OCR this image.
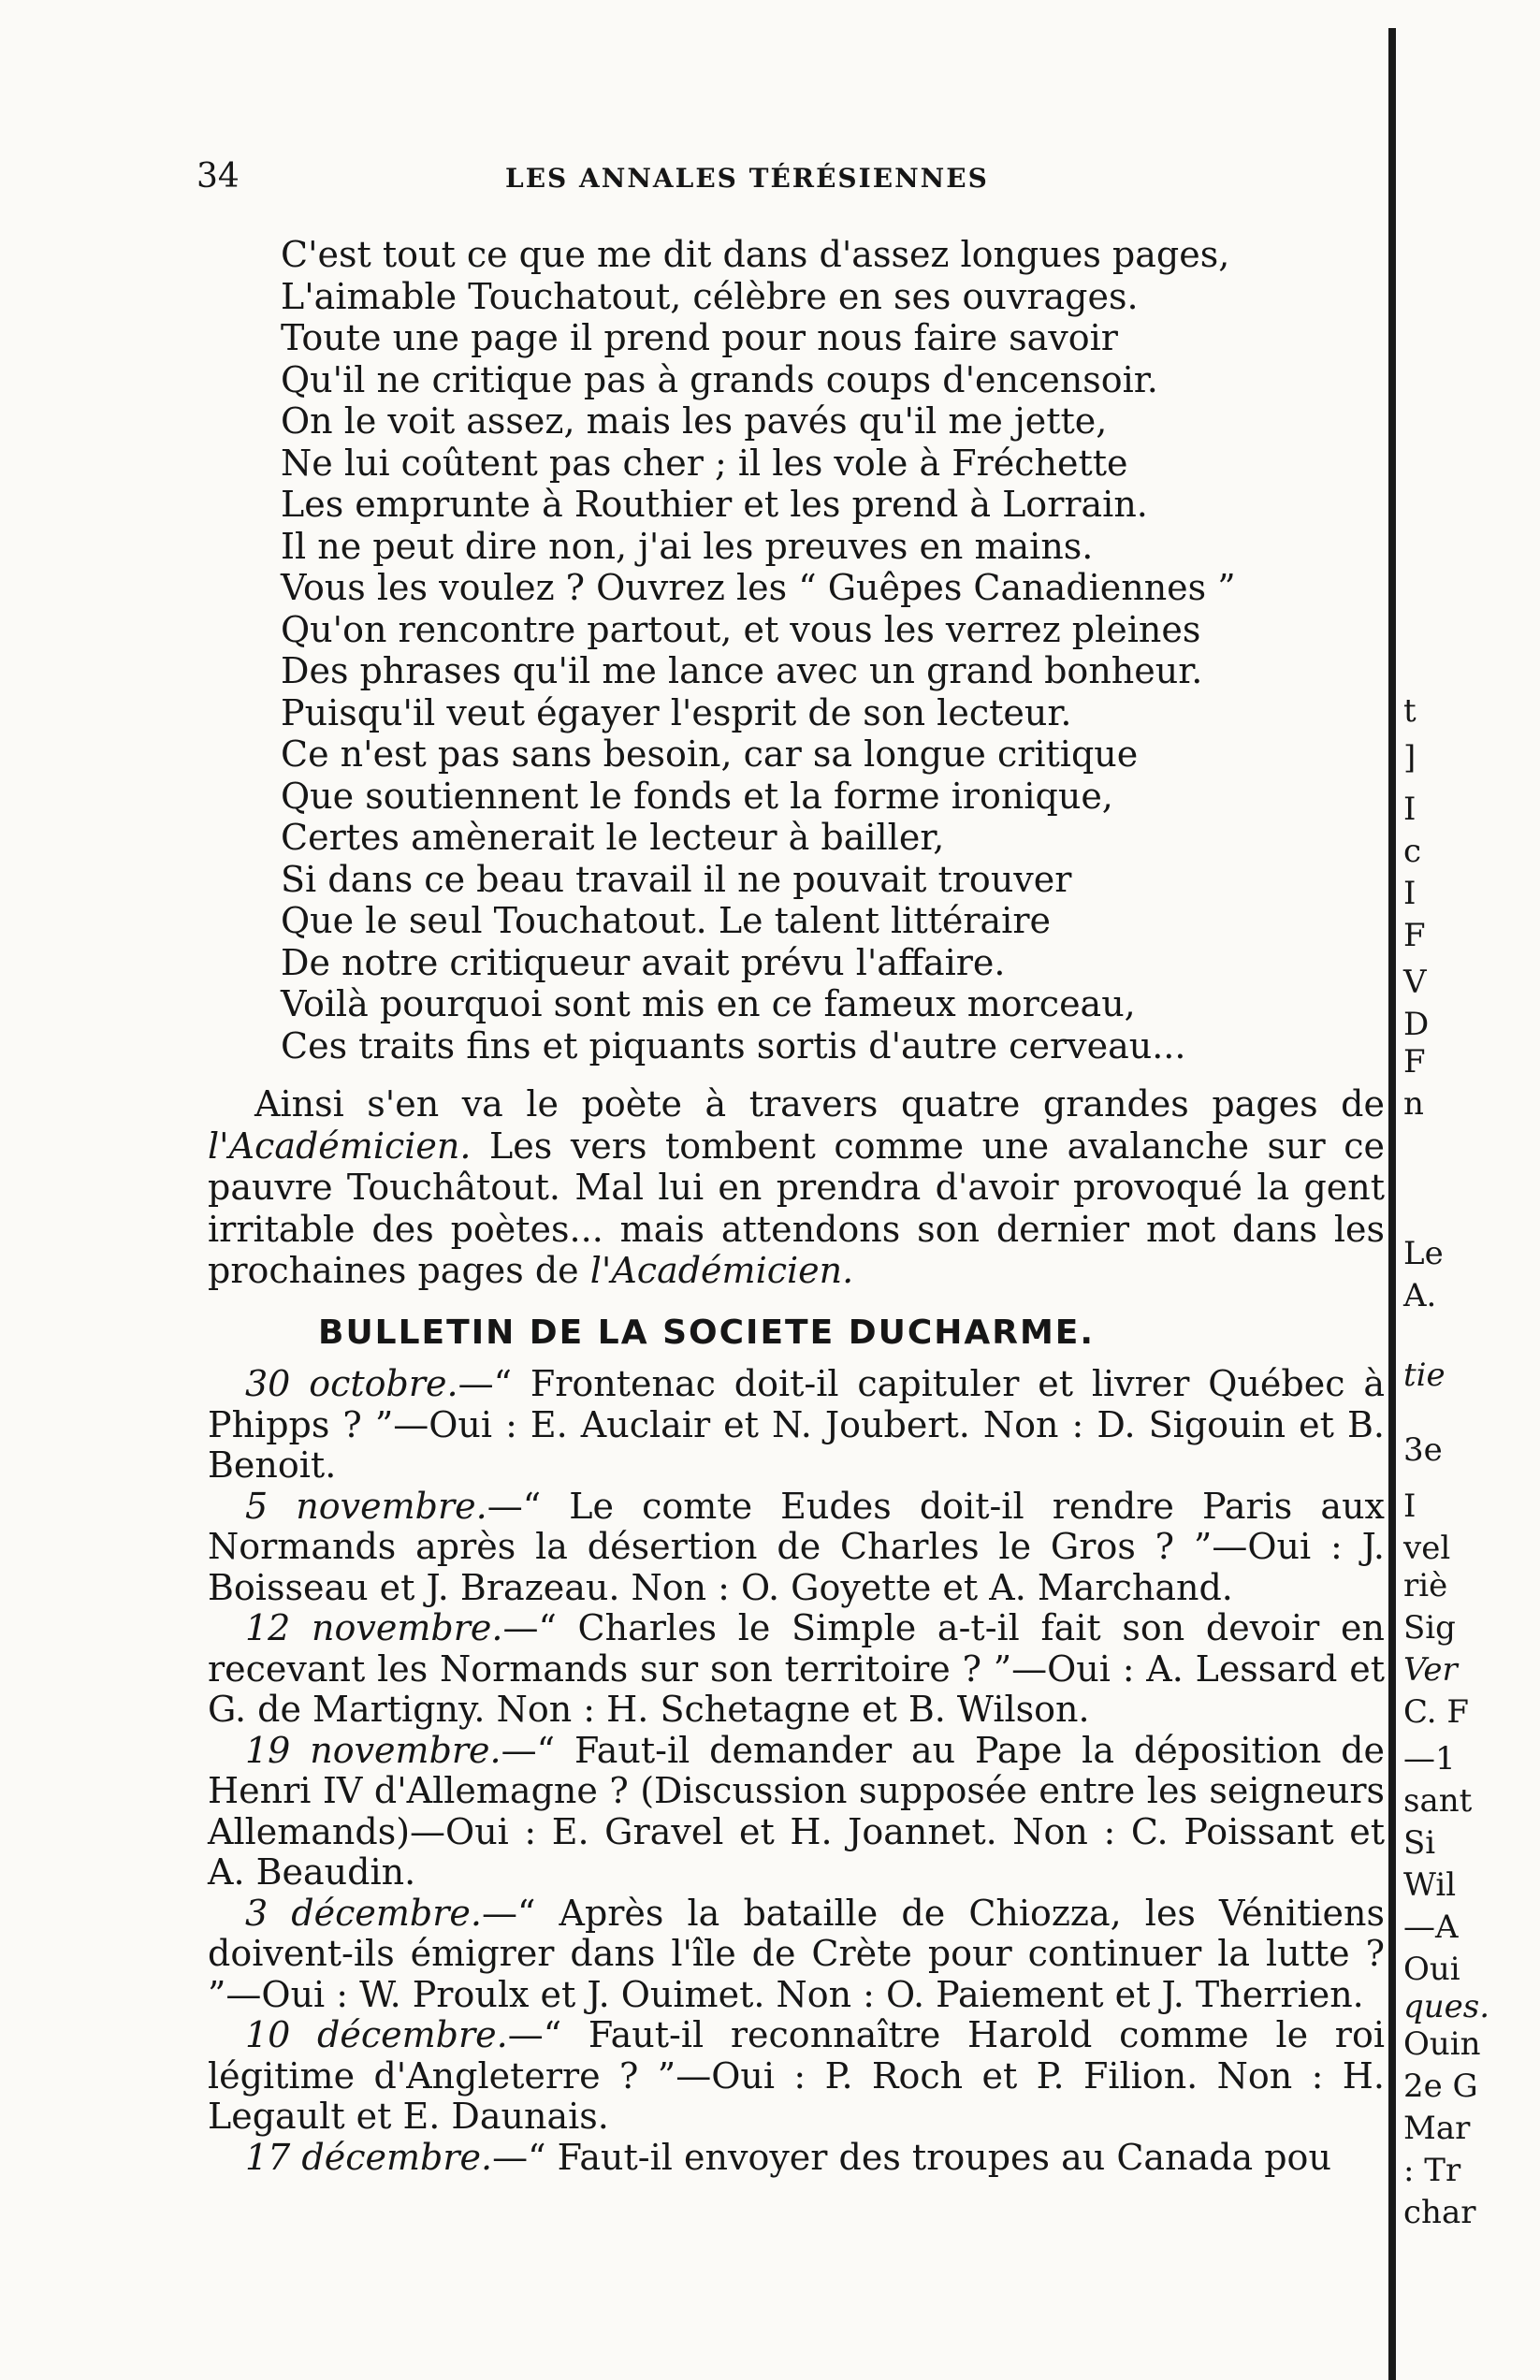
34	LES ANNALES TÉRÉSIENNES
C'est tout ce que me dit dans d'assez longues pages,
L'aimable Touchatout, célèbre en ses ouvrages.
Toute une page il prend pour nous faire savoir
Qu'il ne critique pas à grands coups d'encensoir.
On le voit assez, mais les pavés qu'il me jette,
Ne lui coûtent pas cher ; il les vole à Fréchette
Les emprunte à Routhier et les prend à Lorrain.
Il ne peut dire non, j'ai les preuves en mains.
Vous les voulez ? Ouvrez les “ Guêpes Canadiennes ”
Qu'on rencontre partout, et vous les verrez pleines
Des phrases qu'il me lance avec un grand bonheur.
Puisqu'il veut égayer l'esprit de son lecteur.
Ce n'est pas sans besoin, car sa longue critique
Que soutiennent le fonds et la forme ironique,
Certes amènerait le lecteur à bailler,
Si dans ce beau travail il ne pouvait trouver
Que le seul Touchatout. Le talent littéraire
De notre critiqueur avait prévu l'affaire.
Voilà pourquoi sont mis en ce fameux morceau,
Ces traits fins et piquants sortis d'autre cerveau...

Ainsi s'en va le poète à travers quatre grandes pages de l'Académicien. Les vers tombent comme une avalanche sur ce pauvre Touchâtout. Mal lui en prendra d'avoir provoqué la gent irritable des poètes... mais attendons son dernier mot dans les prochaines pages de l'Académicien.

BULLETIN DE LA SOCIETE DUCHARME.

30 octobre.—“ Frontenac doit-il capituler et livrer Québec à Phipps ? ”—Oui : E. Auclair et N. Joubert. Non : D. Sigouin et B. Benoit.

5 novembre.—“ Le comte Eudes doit-il rendre Paris aux Normands après la désertion de Charles le Gros ? ”—Oui : J. Boisseau et J. Brazeau. Non : O. Goyette et A. Marchand.

12 novembre.—“ Charles le Simple a-t-il fait son devoir en recevant les Normands sur son territoire ? ”—Oui : A. Lessard et G. de Martigny. Non : H. Schetagne et B. Wilson.

19 novembre.—“ Faut-il demander au Pape la déposition de Henri IV d'Allemagne ? (Discussion supposée entre les seigneurs Allemands)—Oui : E. Gravel et H. Joannet. Non : C. Poissant et A. Beaudin.

3 décembre.—“ Après la bataille de Chiozza, les Vénitiens doivent-ils émigrer dans l'île de Crète pour continuer la lutte ? ”—Oui : W. Proulx et J. Ouimet. Non : O. Paiement et J. Therrien.

10 décembre.—“ Faut-il reconnaître Harold comme le roi légitime d'Angleterre ? ”—Oui : P. Roch et P. Filion. Non : H. Legault et E. Daunais.

17 décembre.—“ Faut-il envoyer des troupes au Canada pou

t
]
I
c
I
F
V
D
F
n
Le
A.
tie
3e
I
vel
riè
Sig
Ver
C. F
—1
sant
Si
Wil
—A
Oui
ques.
Ouin
2e G
Mar
: Tr
char
